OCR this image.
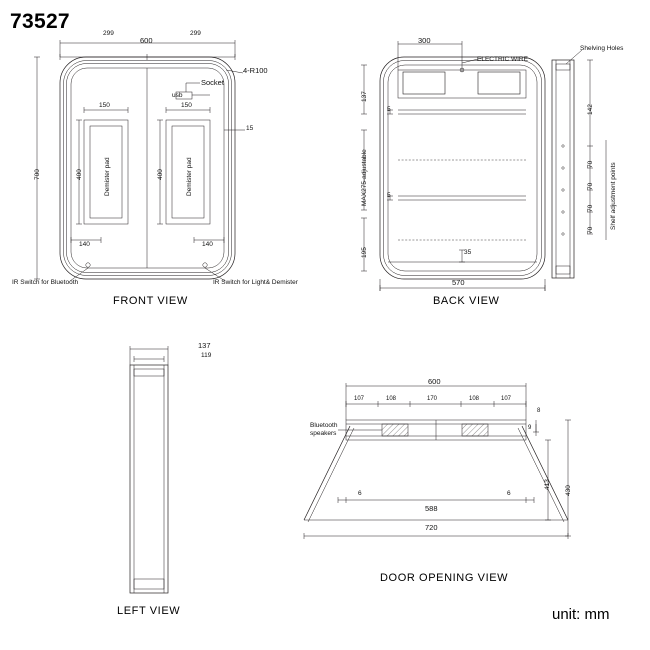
73527
299	299
600
700	400	400
150	150
140	140
15
4-R100
usb
Socket
Demister pad	Demister pad
IR Switch for Bluetooth	IR Switch for Light& Demister
FRONT VIEW
300
ELECTRIC WIRE
137
MAX275-adjustable
195
5
5
35
570
BACK VIEW
Shelving Holes
142
70
70
70
70
Shelf adjustment points
137
119
LEFT VIEW
600
107	108	170	108	107
8
9
Bluetooth speakers
413
430
6	6
588
720
DOOR OPENING VIEW
unit: mm
